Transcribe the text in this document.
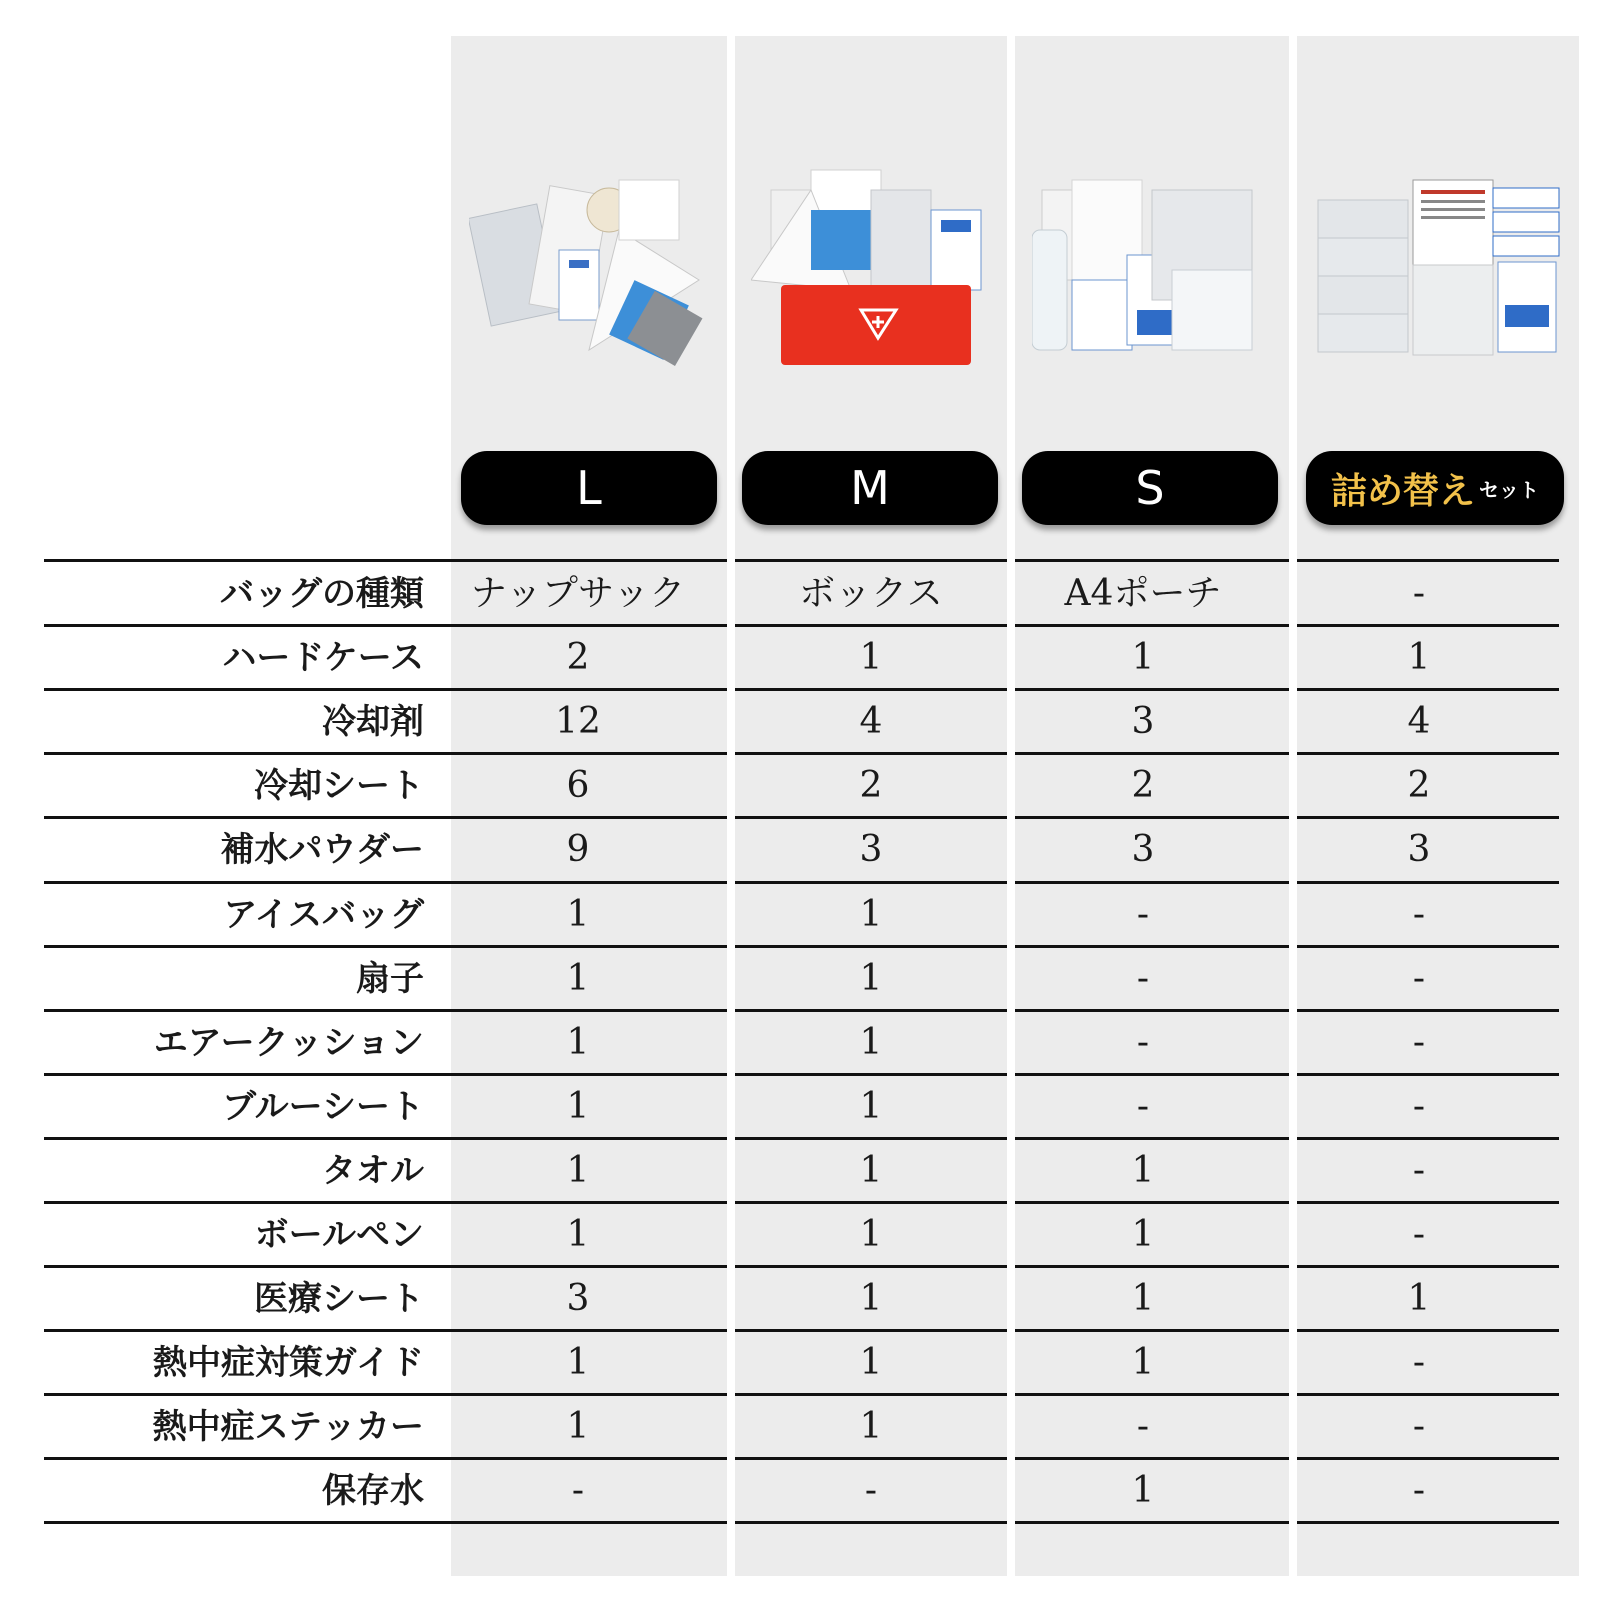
L	M	S	詰め替え セット
バッグの種類	ナップサック	ボックス	A4ポーチ	-
ハードケース	2	1	1	1
冷却剤	12	4	3	4
冷却シート	6	2	2	2
補水パウダー	9	3	3	3
アイスバッグ	1	1	-	-
扇子	1	1	-	-
エアークッション	1	1	-	-
ブルーシート	1	1	-	-
タオル	1	1	1	-
ボールペン	1	1	1	-
医療シート	3	1	1	1
熱中症対策ガイド	1	1	1	-
熱中症ステッカー	1	1	-	-
保存水	-	-	1	-
